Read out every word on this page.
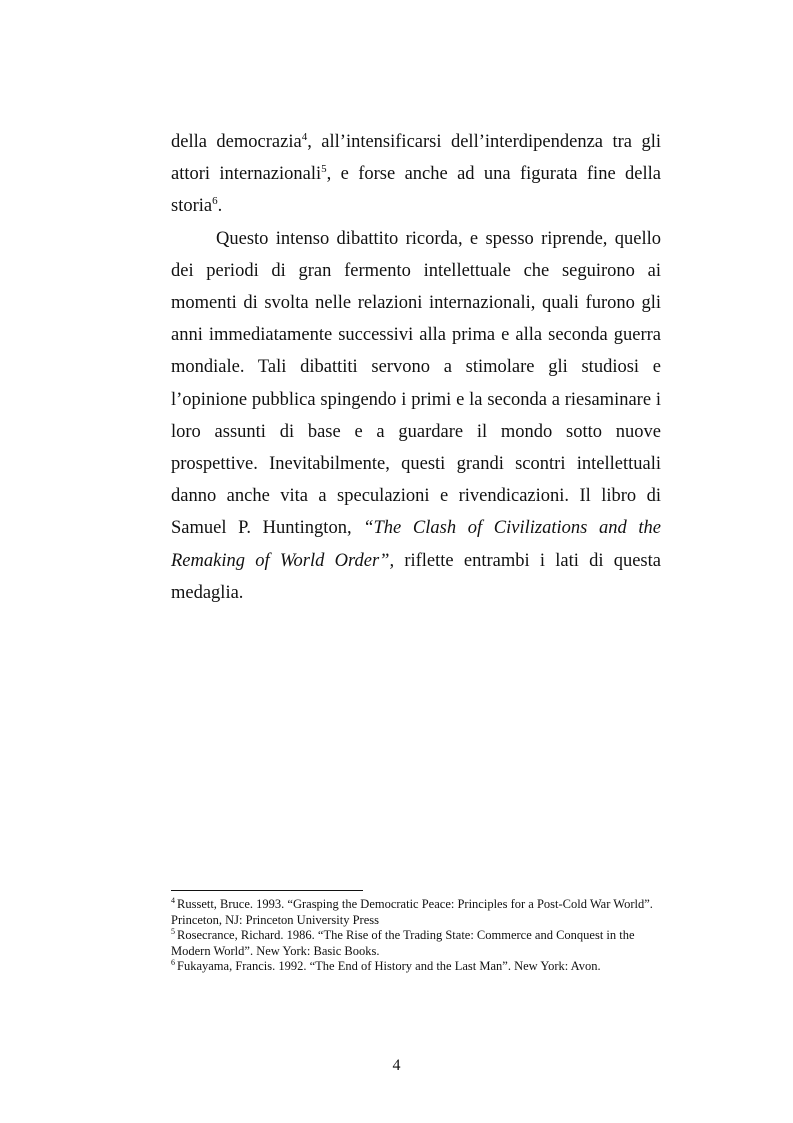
della democrazia$^4$, all’intensificarsi dell’interdipendenza tra gli attori internazionali$^5$, e forse anche ad una figurata fine della storia$^6$.

Questo intenso dibattito ricorda, e spesso riprende, quello dei periodi di gran fermento intellettuale che seguirono ai momenti di svolta nelle relazioni internazionali, quali furono gli anni immediatamente successivi alla prima e alla seconda guerra mondiale. Tali dibattiti servono a stimolare gli studiosi e l’opinione pubblica spingendo i primi e la seconda a riesaminare i loro assunti di base e a guardare il mondo sotto nuove prospettive. Inevitabilmente, questi grandi scontri intellettuali danno anche vita a speculazioni e rivendicazioni. Il libro di Samuel P. Huntington, “The Clash of Civilizations and the Remaking of World Order”, riflette entrambi i lati di questa medaglia.

$^4$ Russett, Bruce. 1993. “Grasping the Democratic Peace: Principles for a Post-Cold War World”. Princeton, NJ: Princeton University Press

$^5$ Rosecrance, Richard. 1986. “The Rise of the Trading State: Commerce and Conquest in the Modern World”. New York: Basic Books.

$^6$ Fukayama, Francis. 1992. “The End of History and the Last Man”. New York: Avon.

4
